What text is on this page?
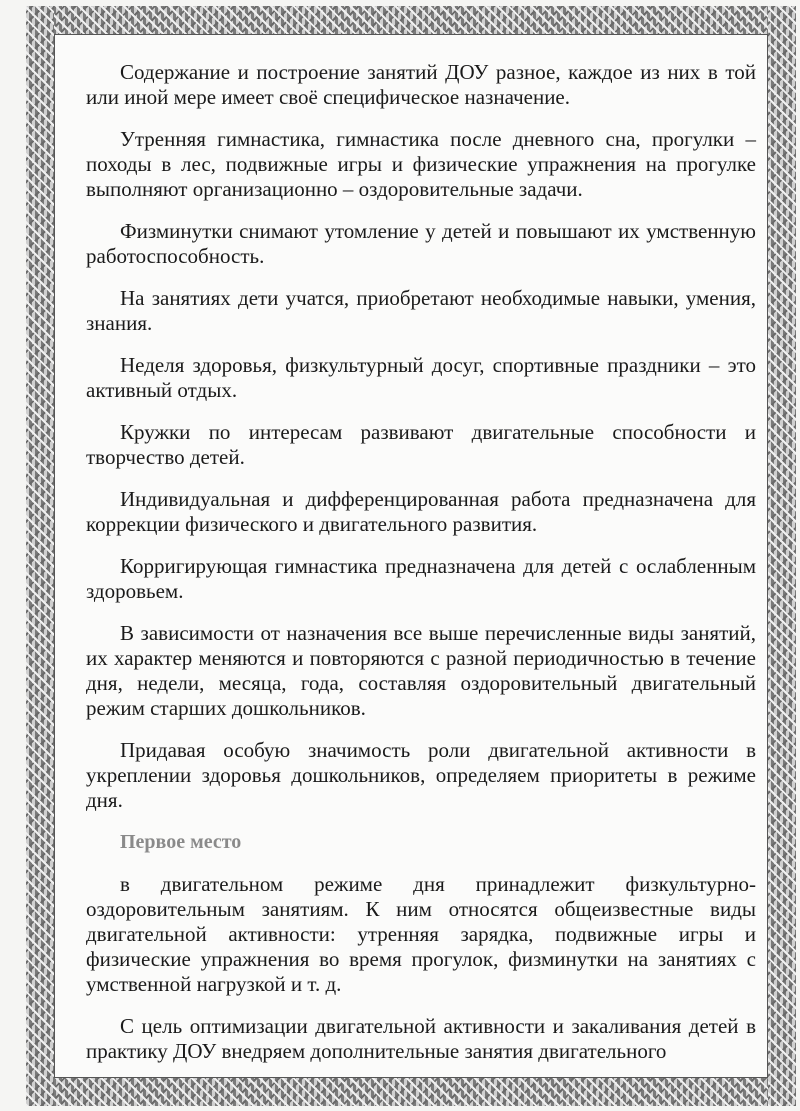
Содержание и построение занятий ДОУ разное, каждое из них в той или иной мере имеет своё специфическое назначение.

Утренняя гимнастика, гимнастика после дневного сна, прогулки – походы в лес, подвижные игры и физические упражнения на прогулке выполняют организационно – оздоровительные задачи.

Физминутки снимают утомление у детей и повышают их умственную работоспособность.

На занятиях дети учатся, приобретают необходимые навыки, умения, знания.

Неделя здоровья, физкультурный досуг, спортивные праздники – это активный отдых.

Кружки по интересам развивают двигательные способности и творчество детей.

Индивидуальная и дифференцированная работа предназначена для коррекции физического и двигательного развития.

Корригирующая гимнастика предназначена для детей с ослабленным здоровьем.

В зависимости от назначения все выше перечисленные виды занятий, их характер меняются и повторяются с разной периодичностью в течение дня, недели, месяца, года, составляя оздоровительный двигательный режим старших дошкольников.

Придавая особую значимость роли двигательной активности в укреплении здоровья дошкольников, определяем приоритеты в режиме дня.

Первое место

в двигательном режиме дня принадлежит физкультурно-оздоровительным занятиям. К ним относятся общеизвестные виды двигательной активности: утренняя зарядка, подвижные игры и физические упражнения во время прогулок, физминутки на занятиях с умственной нагрузкой и т. д.

С цель оптимизации двигательной активности и закаливания детей в практику ДОУ внедряем дополнительные занятия двигательного
